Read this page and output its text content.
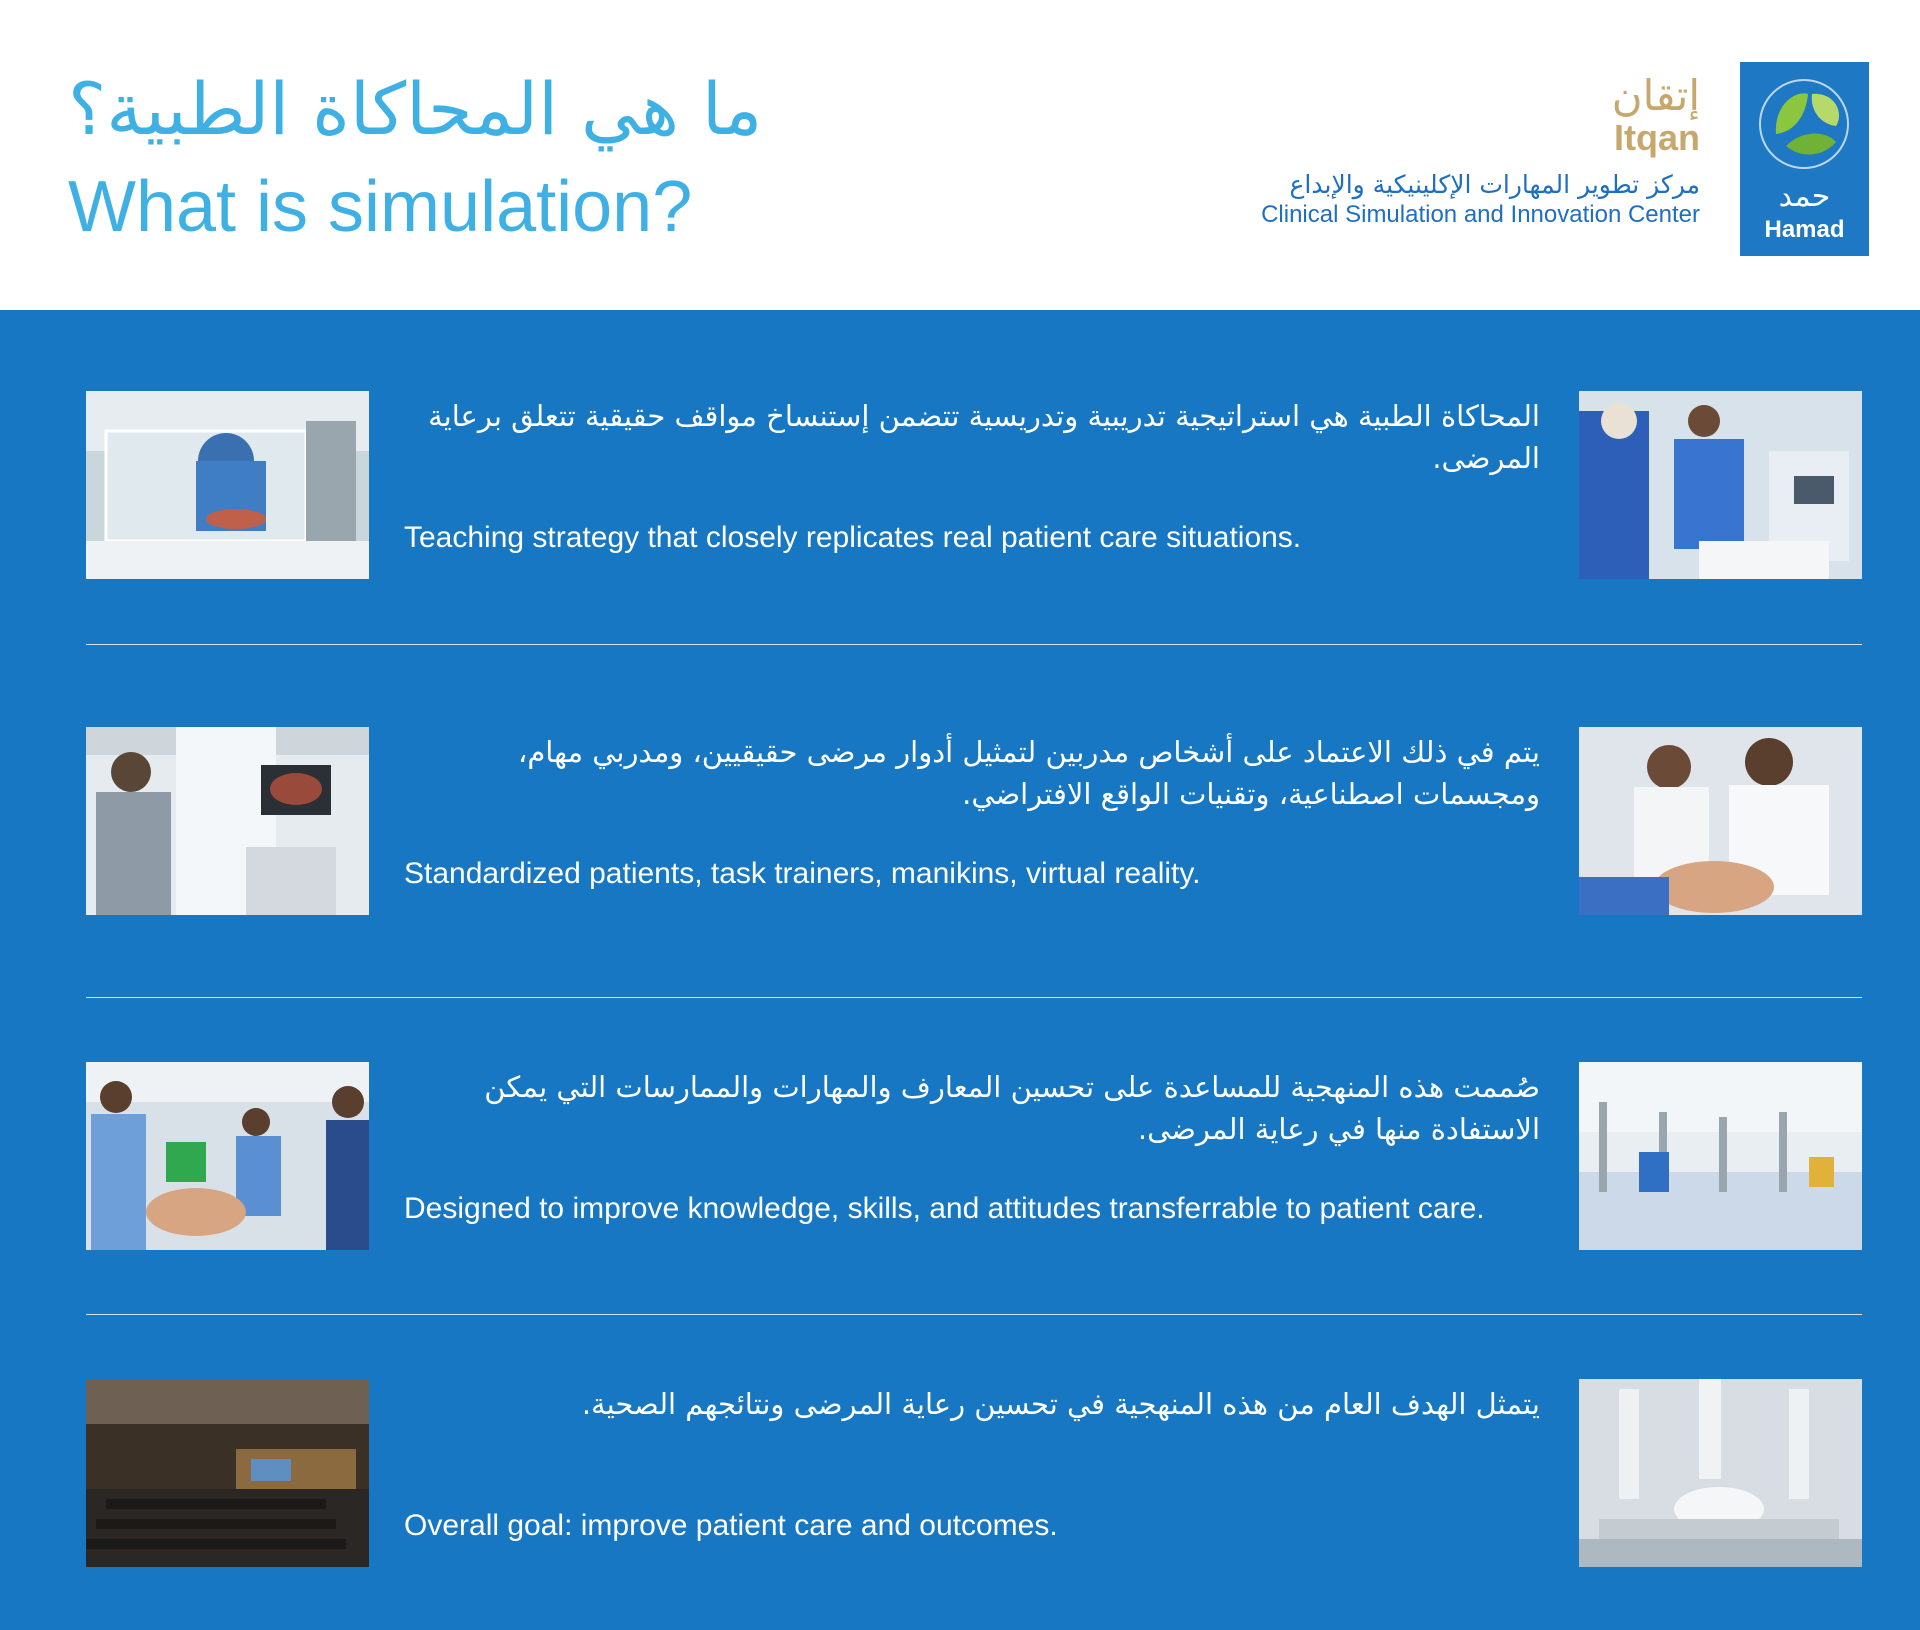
ما هي المحاكاة الطبية؟
What is simulation?
إتقان
Itqan
مركز تطوير المهارات الإكلينيكية والإبداع
Clinical Simulation and Innovation Center
حمد
Hamad
المحاكاة الطبية هي استراتيجية تدريبية وتدريسية تتضمن إستنساخ مواقف حقيقية تتعلق برعاية المرضى.
Teaching strategy that closely replicates real patient care situations.
يتم في ذلك الاعتماد على أشخاص مدربين لتمثيل أدوار مرضى حقيقيين، ومدربي مهام، ومجسمات اصطناعية، وتقنيات الواقع الافتراضي.
Standardized patients, task trainers, manikins, virtual reality.
صُممت هذه المنهجية للمساعدة على تحسين المعارف والمهارات والممارسات التي يمكن الاستفادة منها في رعاية المرضى.
Designed to improve knowledge, skills, and attitudes transferrable to patient care.
يتمثل الهدف العام من هذه المنهجية في تحسين رعاية المرضى ونتائجهم الصحية.
Overall goal: improve patient care and outcomes.
